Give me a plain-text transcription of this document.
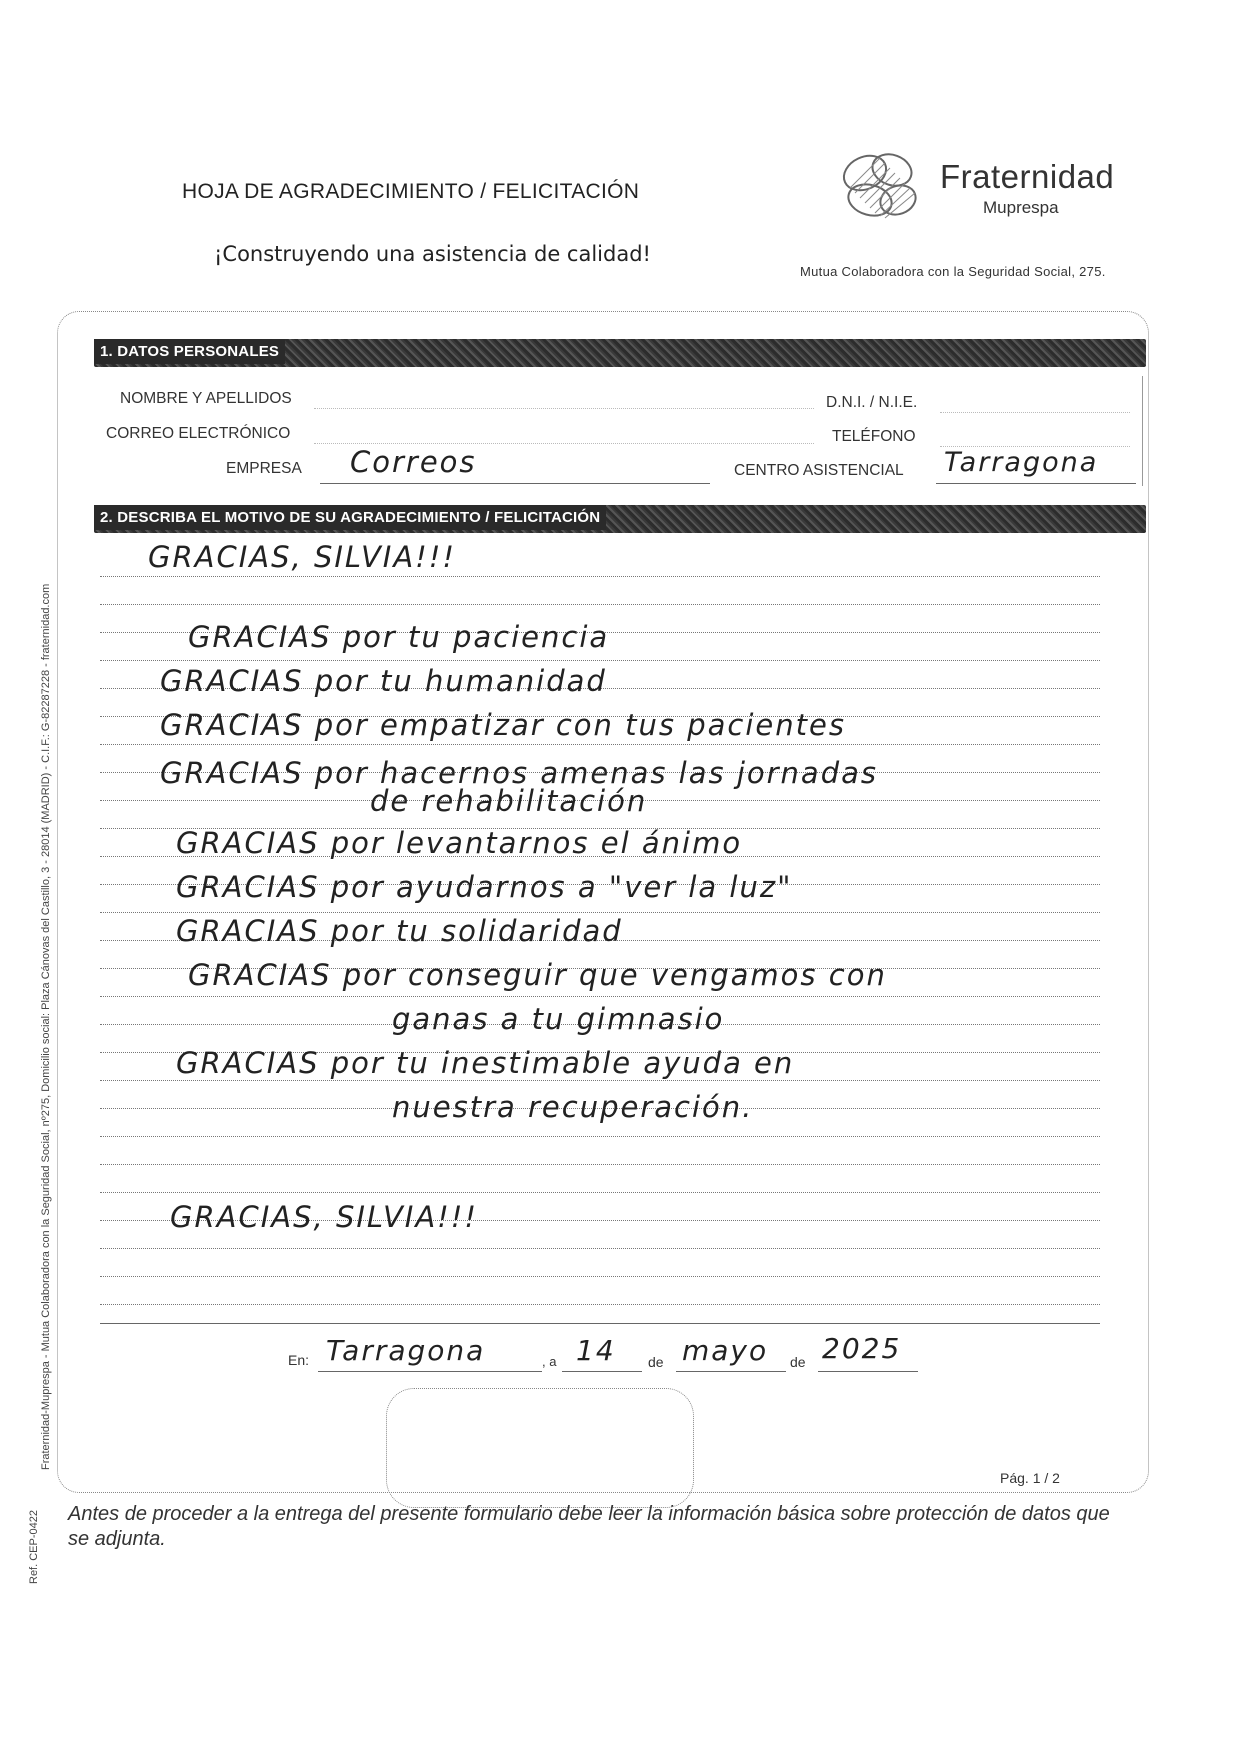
HOJA DE AGRADECIMIENTO / FELICITACIÓN
¡Construyendo una asistencia de calidad!
Fraternidad
Muprespa
Mutua Colaboradora con la Seguridad Social, 275.
1. DATOS PERSONALES
NOMBRE Y APELLIDOS	D.N.I. / N.I.E.
CORREO ELECTRÓNICO	TELÉFONO
EMPRESA Correos	CENTRO ASISTENCIAL Tarragona
2. DESCRIBA EL MOTIVO DE SU AGRADECIMIENTO / FELICITACIÓN
GRACIAS, SILVIA!!!
GRACIAS por tu paciencia
GRACIAS por tu humanidad
GRACIAS por empatizar con tus pacientes
GRACIAS por hacernos amenas las jornadas
de rehabilitación
GRACIAS por levantarnos el ánimo
GRACIAS por ayudarnos a "ver la luz"
GRACIAS por tu solidaridad
GRACIAS por conseguir que vengamos con
ganas a tu gimnasio
GRACIAS por tu inestimable ayuda en
nuestra recuperación.
GRACIAS, SILVIA!!!
En: Tarragona	, a 14 de mayo de 2025
Pág. 1 / 2
Antes de proceder a la entrega del presente formulario debe leer la información básica sobre protección de datos que se adjunta.
Fraternidad-Muprespa - Mutua Colaboradora con la Seguridad Social, nº275, Domicilio social: Plaza Cánovas del Castillo, 3 - 28014 (MADRID) - C.I.F.: G-82287228 - fraternidad.com
Ref. CEP-0422
